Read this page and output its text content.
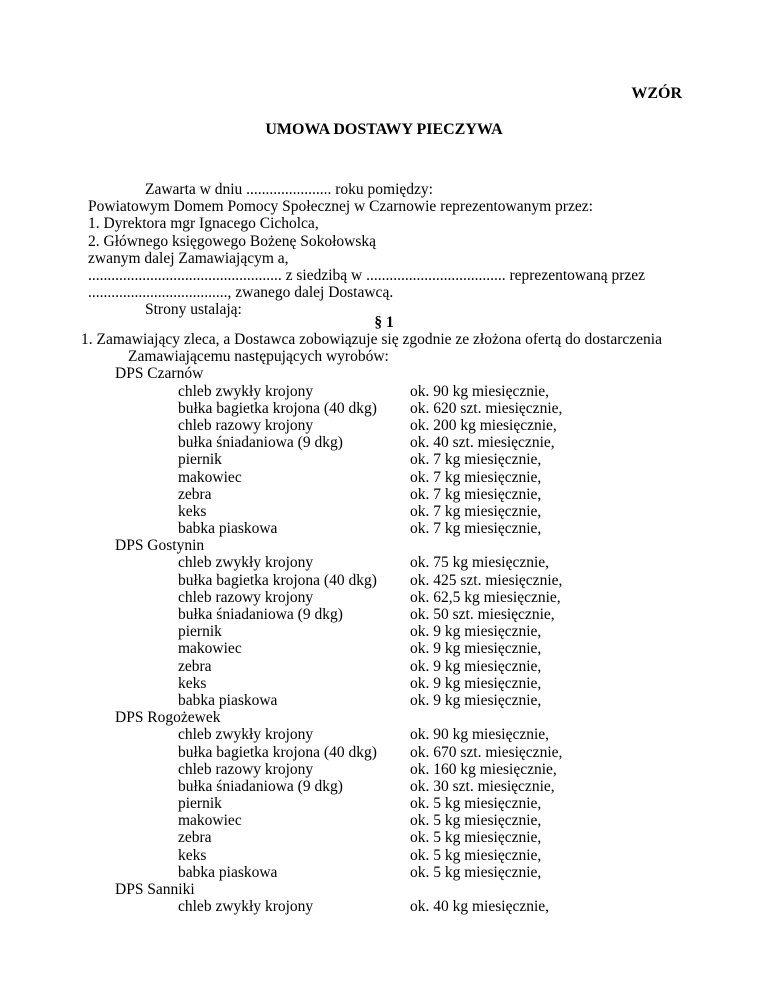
WZÓR
UMOWA DOSTAWY PIECZYWA
Zawarta w dniu ...................... roku pomiędzy:
Powiatowym Domem Pomocy Społecznej w Czarnowie reprezentowanym przez:
1. Dyrektora mgr Ignacego Cicholca,
2. Głównego księgowego Bożenę Sokołowską
zwanym dalej Zamawiającym a,
.................................................. z siedzibą w .................................... reprezentowaną przez
...................................., zwanego dalej Dostawcą.
Strony ustalają:
§ 1
1. Zamawiający zleca, a Dostawca zobowiązuje się zgodnie ze złożona ofertą do dostarczenia
Zamawiającemu następujących wyrobów:
DPS Czarnów
chleb zwykły krojony	ok. 90 kg miesięcznie,
bułka bagietka krojona (40 dkg)	ok. 620 szt. miesięcznie,
chleb razowy krojony	ok. 200 kg miesięcznie,
bułka śniadaniowa (9 dkg)	ok. 40 szt. miesięcznie,
piernik	ok. 7 kg miesięcznie,
makowiec	ok. 7 kg miesięcznie,
zebra	ok. 7 kg miesięcznie,
keks	ok. 7 kg miesięcznie,
babka piaskowa	ok. 7 kg miesięcznie,
DPS Gostynin
chleb zwykły krojony	ok. 75 kg miesięcznie,
bułka bagietka krojona (40 dkg)	ok. 425 szt. miesięcznie,
chleb razowy krojony	ok. 62,5 kg miesięcznie,
bułka śniadaniowa (9 dkg)	ok. 50 szt. miesięcznie,
piernik	ok. 9 kg miesięcznie,
makowiec	ok. 9 kg miesięcznie,
zebra	ok. 9 kg miesięcznie,
keks	ok. 9 kg miesięcznie,
babka piaskowa	ok. 9 kg miesięcznie,
DPS Rogożewek
chleb zwykły krojony	ok. 90 kg miesięcznie,
bułka bagietka krojona (40 dkg)	ok. 670 szt. miesięcznie,
chleb razowy krojony	ok. 160 kg miesięcznie,
bułka śniadaniowa (9 dkg)	ok. 30 szt. miesięcznie,
piernik	ok. 5 kg miesięcznie,
makowiec	ok. 5 kg miesięcznie,
zebra	ok. 5 kg miesięcznie,
keks	ok. 5 kg miesięcznie,
babka piaskowa	ok. 5 kg miesięcznie,
DPS Sanniki
chleb zwykły krojony	ok. 40 kg miesięcznie,
